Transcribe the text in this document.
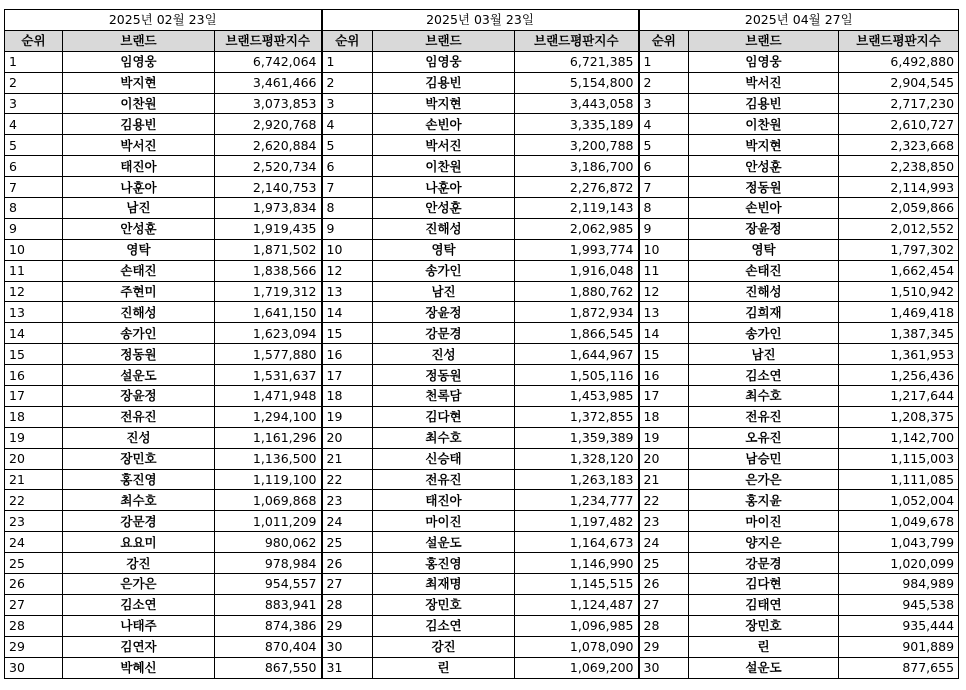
2025년 02월 23일			2025년 03월 23일			2025년 04월 27일		
순위	브랜드	브랜드평판지수	순위	브랜드	브랜드평판지수	순위	브랜드	브랜드평판지수
1	임영웅	6,742,064	1	임영웅	6,721,385	1	임영웅	6,492,880
2	박지현	3,461,466	2	김용빈	5,154,800	2	박서진	2,904,545
3	이찬원	3,073,853	3	박지현	3,443,058	3	김용빈	2,717,230
4	김용빈	2,920,768	4	손빈아	3,335,189	4	이찬원	2,610,727
5	박서진	2,620,884	5	박서진	3,200,788	5	박지현	2,323,668
6	태진아	2,520,734	6	이찬원	3,186,700	6	안성훈	2,238,850
7	나훈아	2,140,753	7	나훈아	2,276,872	7	정동원	2,114,993
8	남진	1,973,834	8	안성훈	2,119,143	8	손빈아	2,059,866
9	안성훈	1,919,435	9	진해성	2,062,985	9	장윤정	2,012,552
10	영탁	1,871,502	10	영탁	1,993,774	10	영탁	1,797,302
11	손태진	1,838,566	12	송가인	1,916,048	11	손태진	1,662,454
12	주현미	1,719,312	13	남진	1,880,762	12	진해성	1,510,942
13	진해성	1,641,150	14	장윤정	1,872,934	13	김희재	1,469,418
14	송가인	1,623,094	15	강문경	1,866,545	14	송가인	1,387,345
15	정동원	1,577,880	16	진성	1,644,967	15	남진	1,361,953
16	설운도	1,531,637	17	정동원	1,505,116	16	김소연	1,256,436
17	장윤정	1,471,948	18	천록담	1,453,985	17	최수호	1,217,644
18	전유진	1,294,100	19	김다현	1,372,855	18	전유진	1,208,375
19	진성	1,161,296	20	최수호	1,359,389	19	오유진	1,142,700
20	장민호	1,136,500	21	신승태	1,328,120	20	남승민	1,115,003
21	홍진영	1,119,100	22	전유진	1,263,183	21	은가은	1,111,085
22	최수호	1,069,868	23	태진아	1,234,777	22	홍지윤	1,052,004
23	강문경	1,011,209	24	마이진	1,197,482	23	마이진	1,049,678
24	요요미	980,062	25	설운도	1,164,673	24	양지은	1,043,799
25	강진	978,984	26	홍진영	1,146,990	25	강문경	1,020,099
26	은가은	954,557	27	최재명	1,145,515	26	김다현	984,989
27	김소연	883,941	28	장민호	1,124,487	27	김태연	945,538
28	나태주	874,386	29	김소연	1,096,985	28	장민호	935,444
29	김연자	870,404	30	강진	1,078,090	29	린	901,889
30	박혜신	867,550	31	린	1,069,200	30	설운도	877,655
